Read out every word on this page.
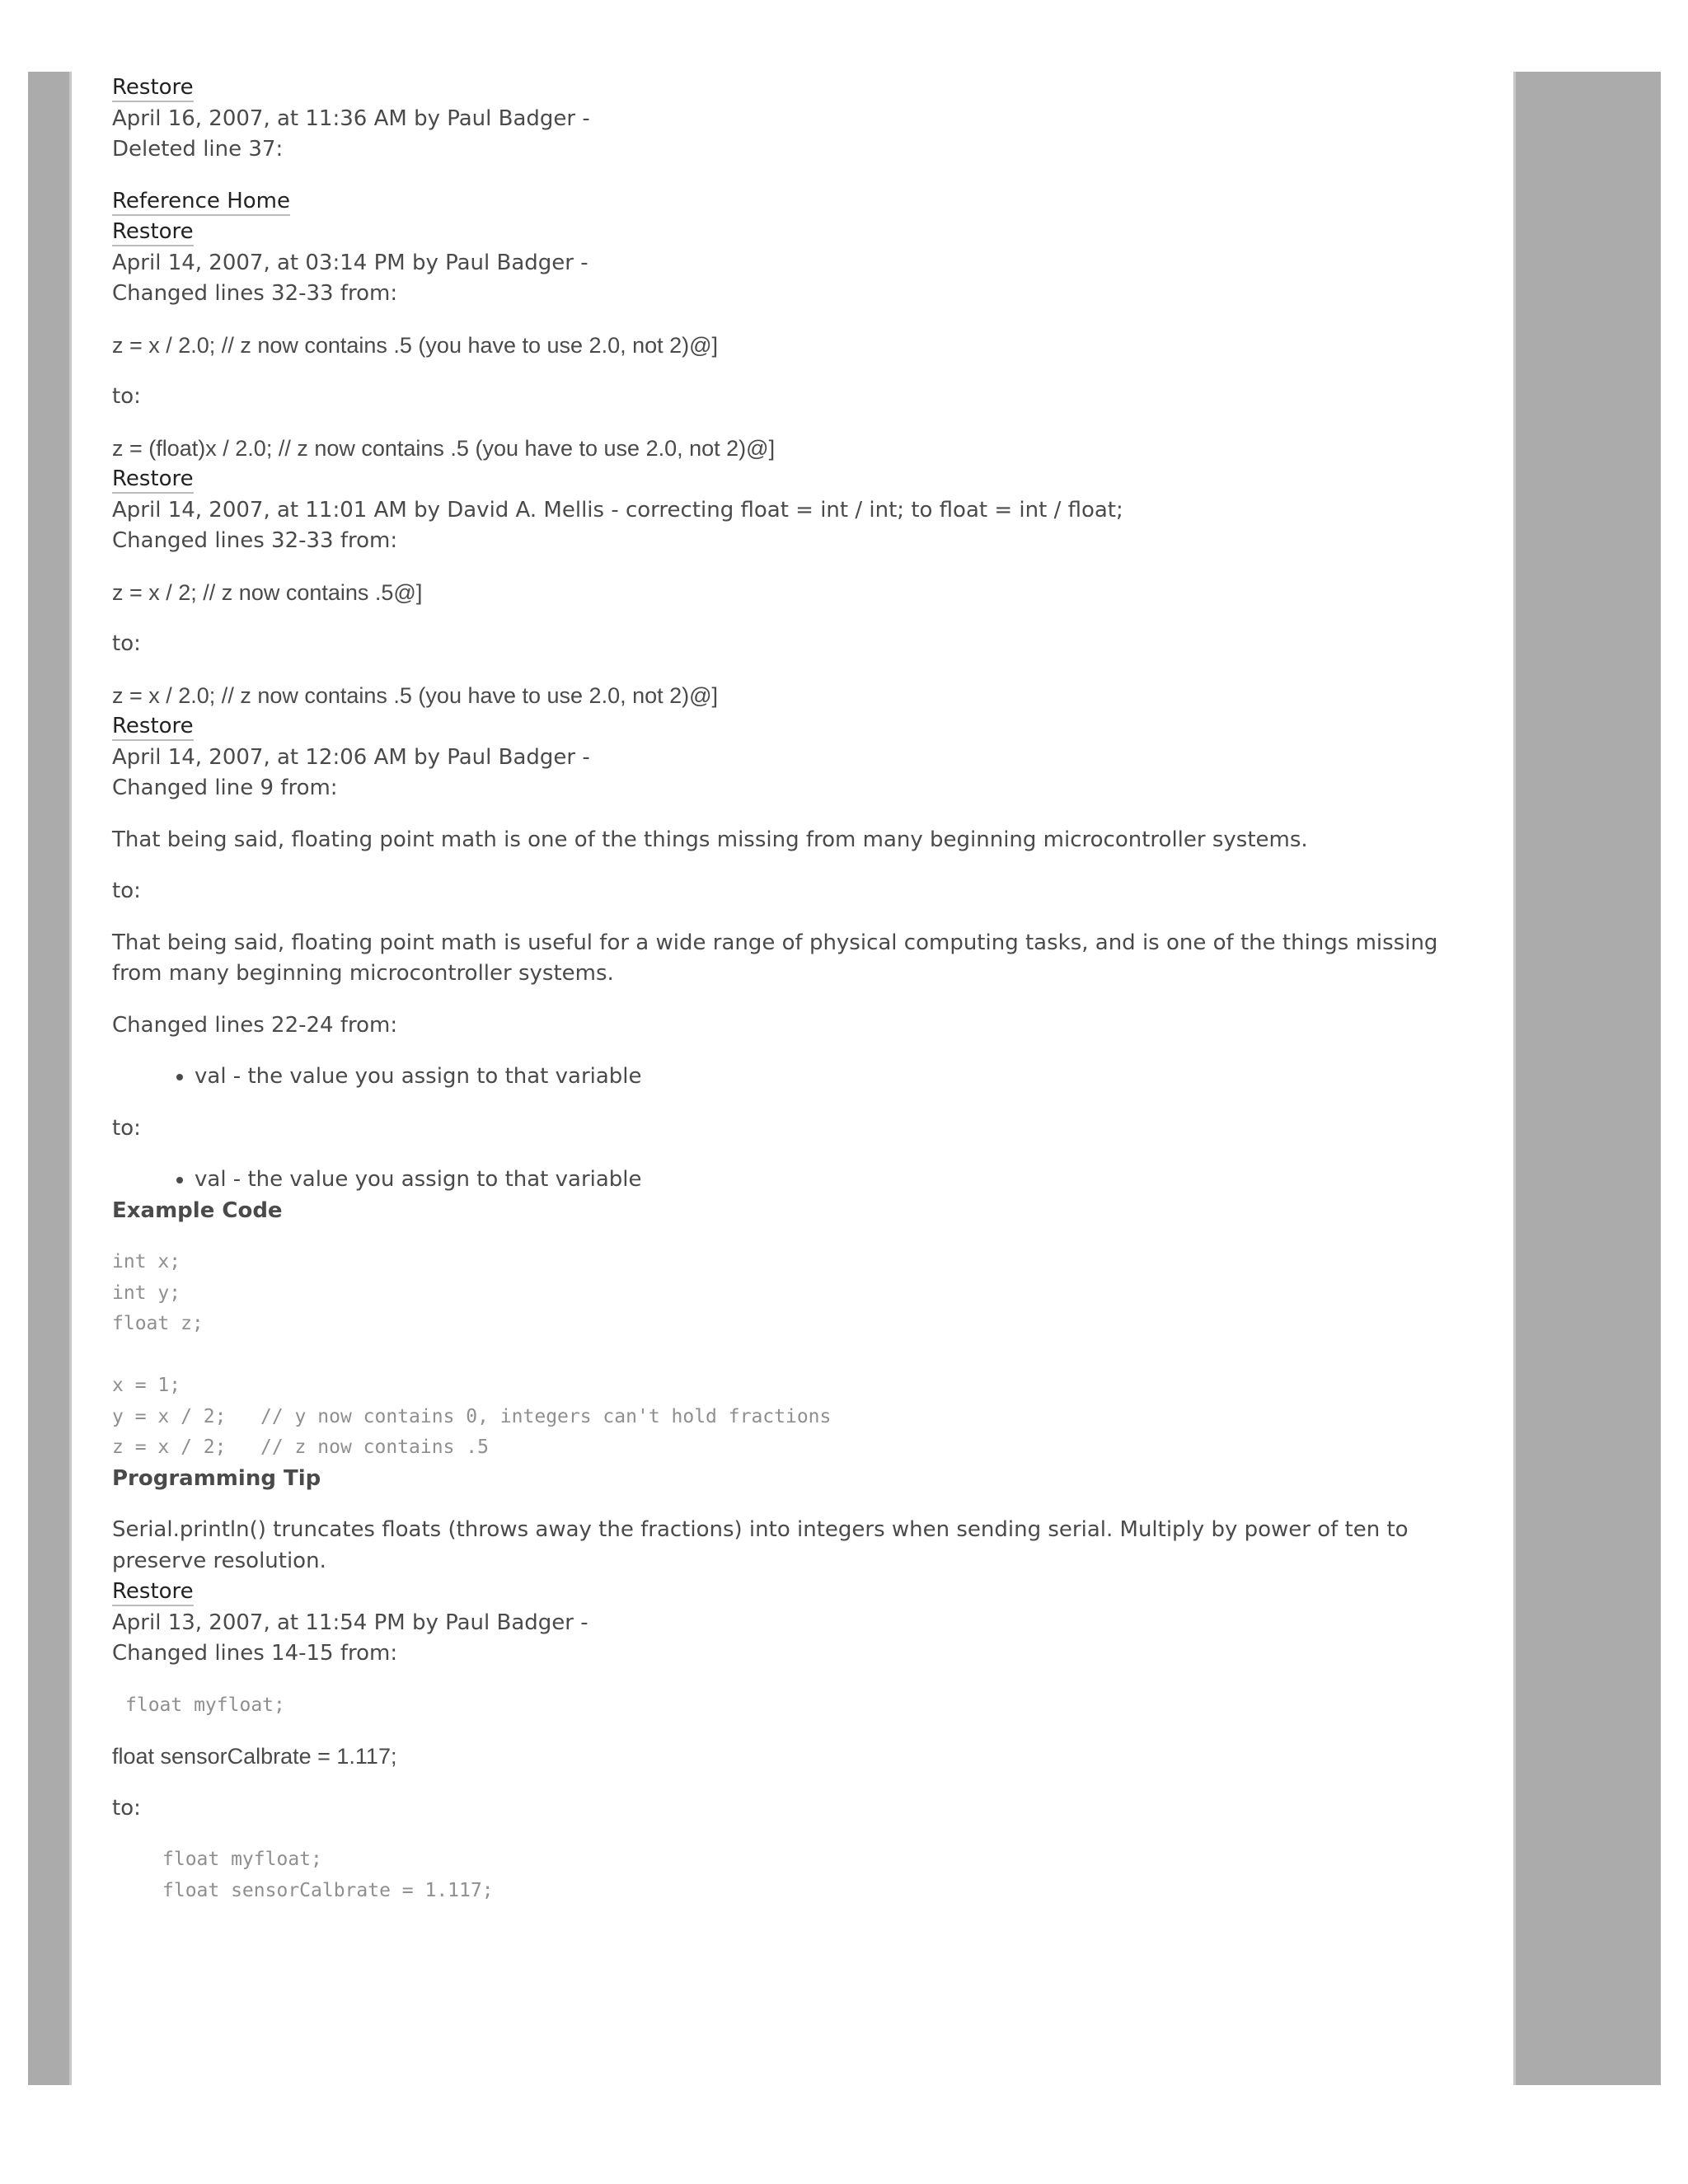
Restore

April 16, 2007, at 11:36 AM by Paul Badger -

Deleted line 37:

Reference Home

Restore

April 14, 2007, at 03:14 PM by Paul Badger -

Changed lines 32-33 from:

z = x / 2.0; // z now contains .5 (you have to use 2.0, not 2)@]

to:

z = (float)x / 2.0; // z now contains .5 (you have to use 2.0, not 2)@]

Restore

April 14, 2007, at 11:01 AM by David A. Mellis - correcting float = int / int; to float = int / float;

Changed lines 32-33 from:

z = x / 2; // z now contains .5@]

to:

z = x / 2.0; // z now contains .5 (you have to use 2.0, not 2)@]

Restore

April 14, 2007, at 12:06 AM by Paul Badger -

Changed line 9 from:

That being said, floating point math is one of the things missing from many beginning microcontroller systems.

to:

That being said, floating point math is useful for a wide range of physical computing tasks, and is one of the things missing from many beginning microcontroller systems.

Changed lines 22-24 from:

• val - the value you assign to that variable

to:

• val - the value you assign to that variable

Example Code

int x;
int y;
float z;

x = 1;
y = x / 2;   // y now contains 0, integers can't hold fractions
z = x / 2;   // z now contains .5

Programming Tip

Serial.println() truncates floats (throws away the fractions) into integers when sending serial. Multiply by power of ten to preserve resolution.

Restore

April 13, 2007, at 11:54 PM by Paul Badger -

Changed lines 14-15 from:

float myfloat;

float sensorCalbrate = 1.117;

to:

float myfloat;
float sensorCalbrate = 1.117;
